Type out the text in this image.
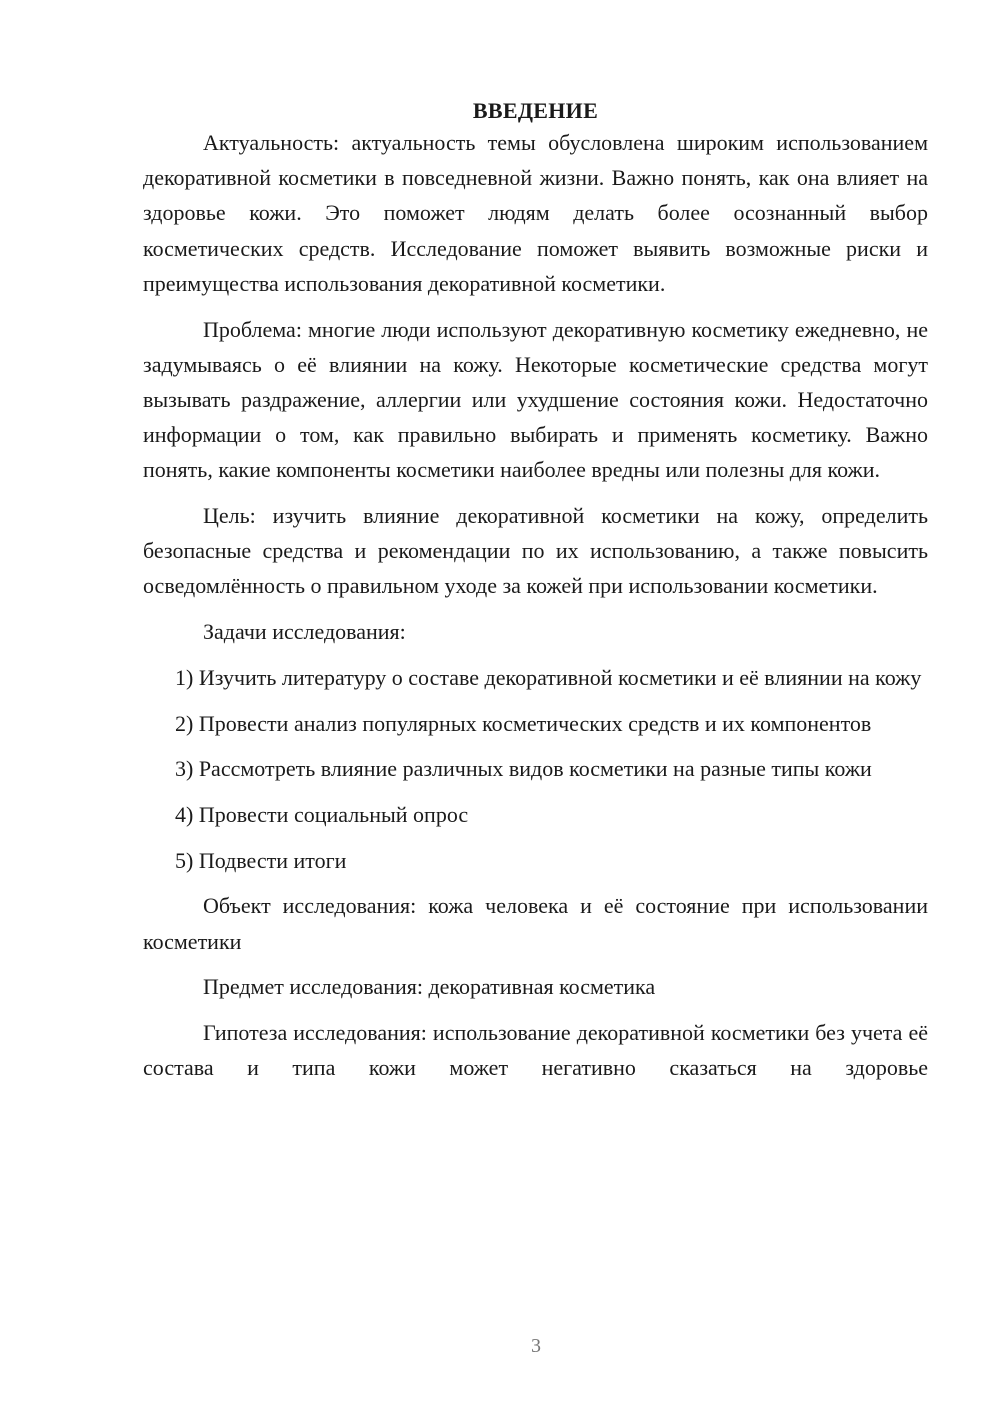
ВВЕДЕНИЕ

Актуальность: актуальность темы обусловлена широким использованием декоративной косметики в повседневной жизни. Важно понять, как она влияет на здоровье кожи. Это поможет людям делать более осознанный выбор косметических средств. Исследование поможет выявить возможные риски и преимущества использования декоративной косметики.

Проблема: многие люди используют декоративную косметику ежедневно, не задумываясь о её влиянии на кожу. Некоторые косметические средства могут вызывать раздражение, аллергии или ухудшение состояния кожи. Недостаточно информации о том, как правильно выбирать и применять косметику. Важно понять, какие компоненты косметики наиболее вредны или полезны для кожи.

Цель: изучить влияние декоративной косметики на кожу, определить безопасные средства и рекомендации по их использованию, а также повысить осведомлённость о правильном уходе за кожей при использовании косметики.

Задачи исследования:

1) Изучить литературу о составе декоративной косметики и её влиянии на кожу

2) Провести анализ популярных косметических средств и их компонентов

3) Рассмотреть влияние различных видов косметики на разные типы кожи

4) Провести социальный опрос

5) Подвести итоги

Объект исследования: кожа человека и её состояние при использовании косметики

Предмет исследования: декоративная косметика

Гипотеза исследования: использование декоративной косметики без учета её состава и типа кожи может негативно сказаться на здоровье

3
